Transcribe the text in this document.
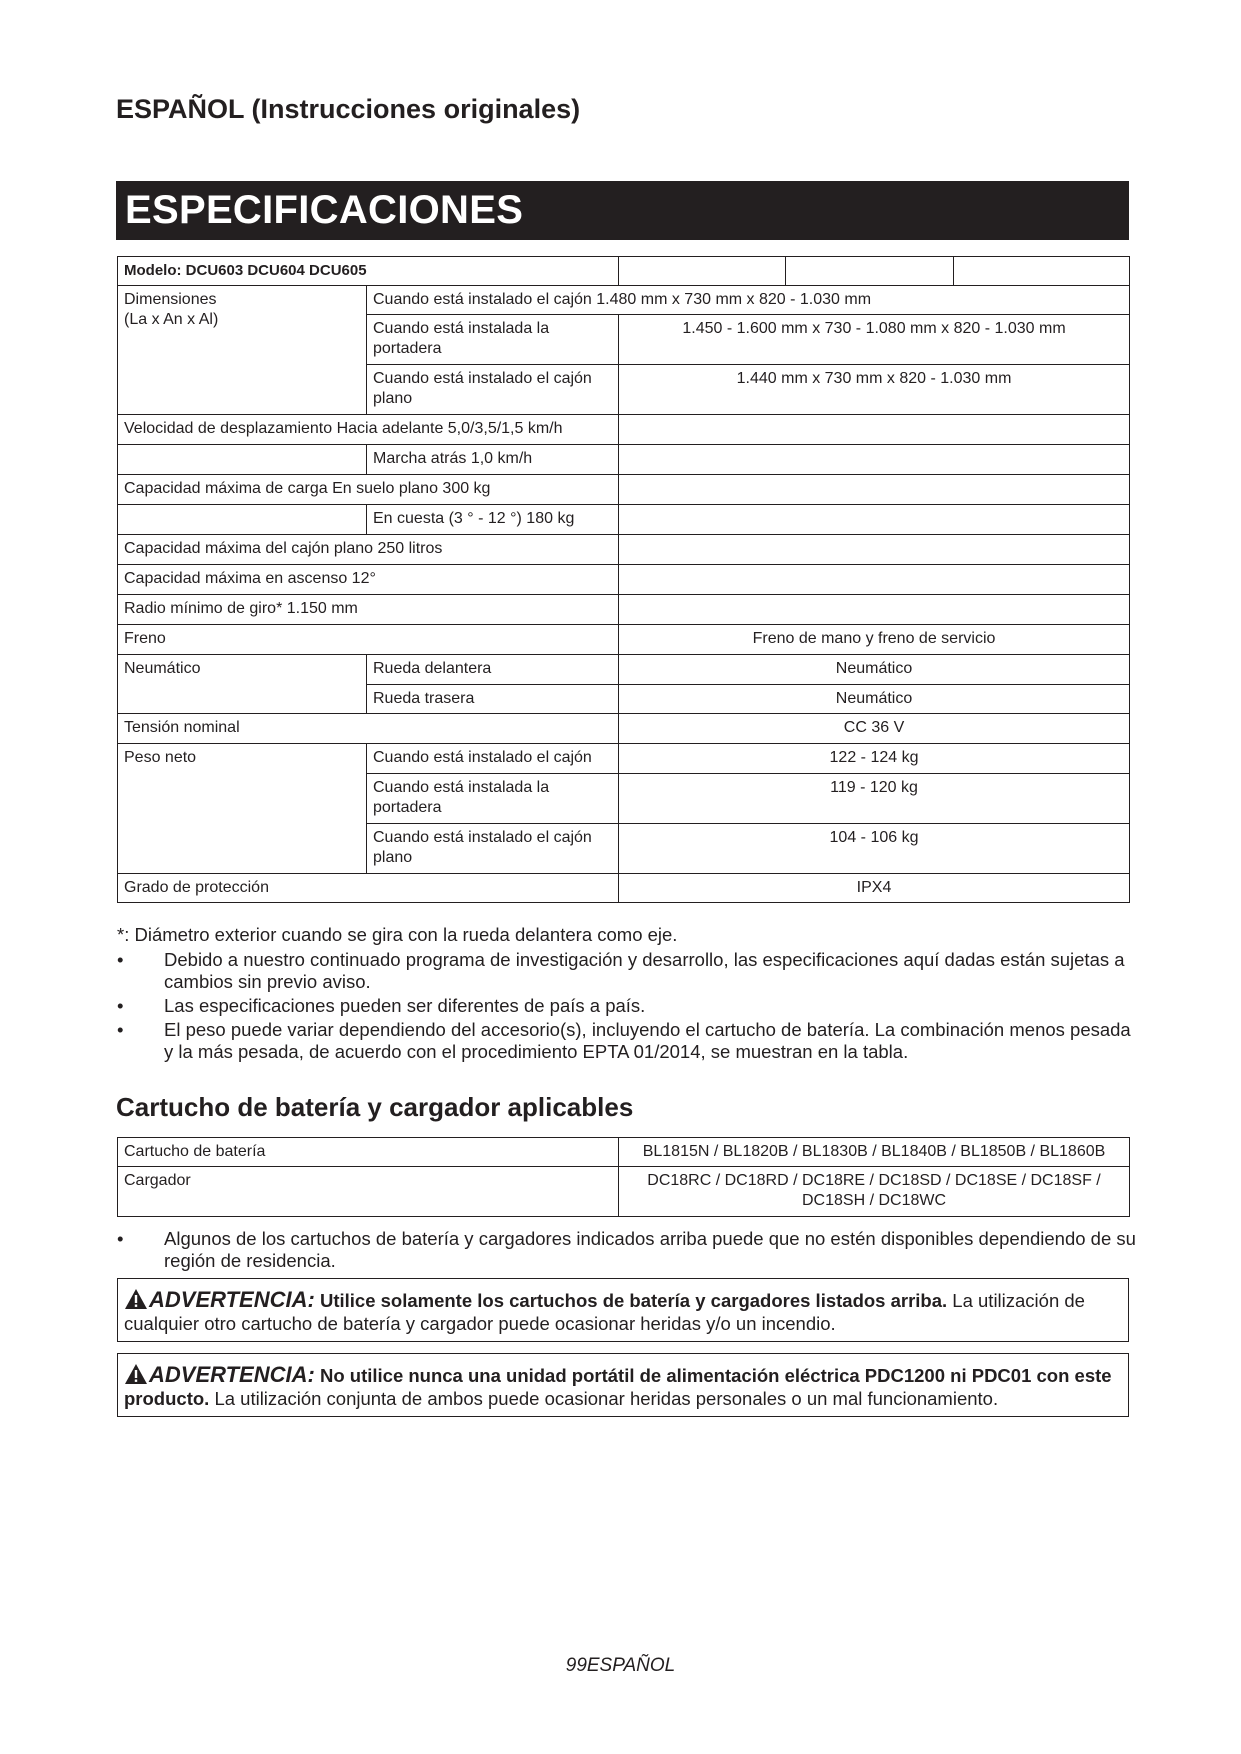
ESPAÑOL (Instrucciones originales)
ESPECIFICACIONES
Modelo: DCU603 DCU604 DCU605				
Dimensiones
(La x An x Al)	Cuando está instalado el cajón 1.480 mm x 730 mm x 820 - 1.030 mm			
	Cuando está instalada la portadera	1.450 - 1.600 mm x 730 - 1.080 mm x 820 - 1.030 mm		
	Cuando está instalado el cajón plano	1.440 mm x 730 mm x 820 - 1.030 mm		
Velocidad de desplazamiento Hacia adelante 5,0/3,5/1,5 km/h				
	Marcha atrás 1,0 km/h			
Capacidad máxima de carga En suelo plano 300 kg				
	En cuesta (3 ° - 12 °) 180 kg			
Capacidad máxima del cajón plano 250 litros				
Capacidad máxima en ascenso 12°				
Radio mínimo de giro* 1.150 mm				
Freno		Freno de mano y freno de servicio		
Neumático	Rueda delantera	Neumático		
	Rueda trasera	Neumático		
Tensión nominal		CC 36 V		
Peso neto	Cuando está instalado el cajón	122 - 124 kg		
	Cuando está instalada la portadera	119 - 120 kg		
	Cuando está instalado el cajón plano	104 - 106 kg		
Grado de protección		IPX4		
*: Diámetro exterior cuando se gira con la rueda delantera como eje.
• Debido a nuestro continuado programa de investigación y desarrollo, las especificaciones aquí dadas están sujetas a cambios sin previo aviso.
• Las especificaciones pueden ser diferentes de país a país.
• El peso puede variar dependiendo del accesorio(s), incluyendo el cartucho de batería. La combinación menos pesada y la más pesada, de acuerdo con el procedimiento EPTA 01/2014, se muestran en la tabla.
Cartucho de batería y cargador aplicables
Cartucho de batería	BL1815N / BL1820B / BL1830B / BL1840B / BL1850B / BL1860B
Cargador	DC18RC / DC18RD / DC18RE / DC18SD / DC18SE / DC18SF / DC18SH / DC18WC
• Algunos de los cartuchos de batería y cargadores indicados arriba puede que no estén disponibles dependiendo de su región de residencia.
ADVERTENCIA: Utilice solamente los cartuchos de batería y cargadores listados arriba. La utilización de cualquier otro cartucho de batería y cargador puede ocasionar heridas y/o un incendio.
ADVERTENCIA: No utilice nunca una unidad portátil de alimentación eléctrica PDC1200 ni PDC01 con este producto. La utilización conjunta de ambos puede ocasionar heridas personales o un mal funcionamiento.
99ESPAÑOL
